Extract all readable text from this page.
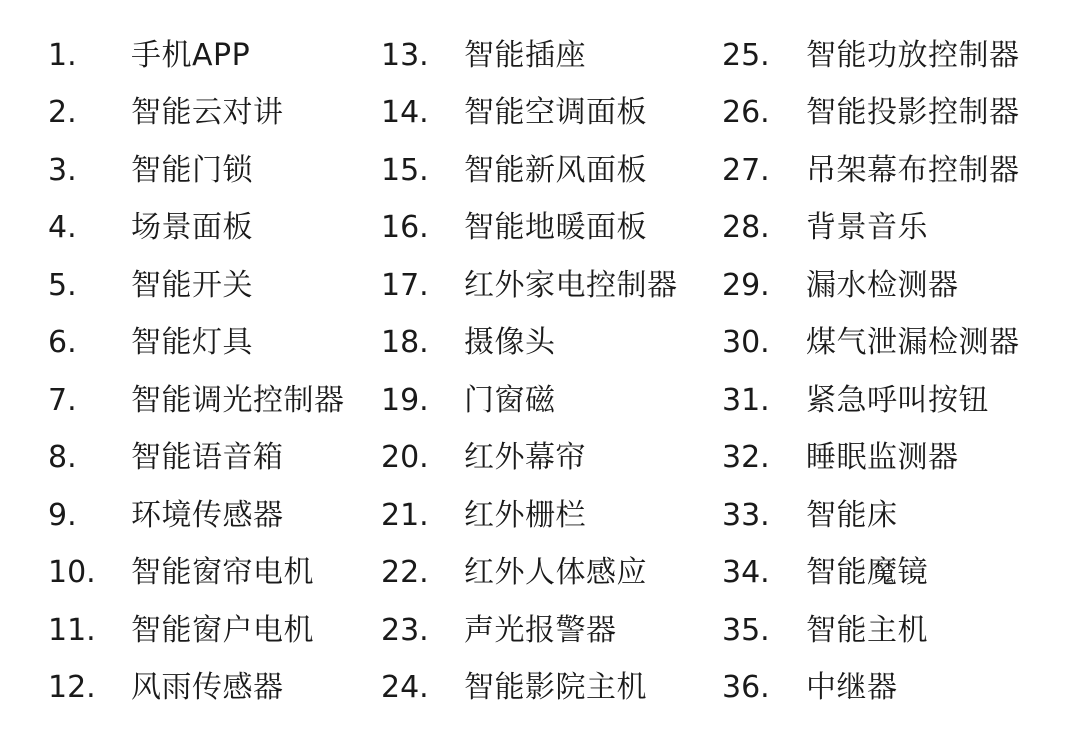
1.	手机APP
2.	智能云对讲
3.	智能门锁
4.	场景面板
5.	智能开关
6.	智能灯具
7.	智能调光控制器
8.	智能语音箱
9.	环境传感器
10.	智能窗帘电机
11.	智能窗户电机
12.	风雨传感器
13.	智能插座
14.	智能空调面板
15.	智能新风面板
16.	智能地暖面板
17.	红外家电控制器
18.	摄像头
19.	门窗磁
20.	红外幕帘
21.	红外栅栏
22.	红外人体感应
23.	声光报警器
24.	智能影院主机
25.	智能功放控制器
26.	智能投影控制器
27.	吊架幕布控制器
28.	背景音乐
29.	漏水检测器
30.	煤气泄漏检测器
31.	紧急呼叫按钮
32.	睡眠监测器
33.	智能床
34.	智能魔镜
35.	智能主机
36.	中继器
